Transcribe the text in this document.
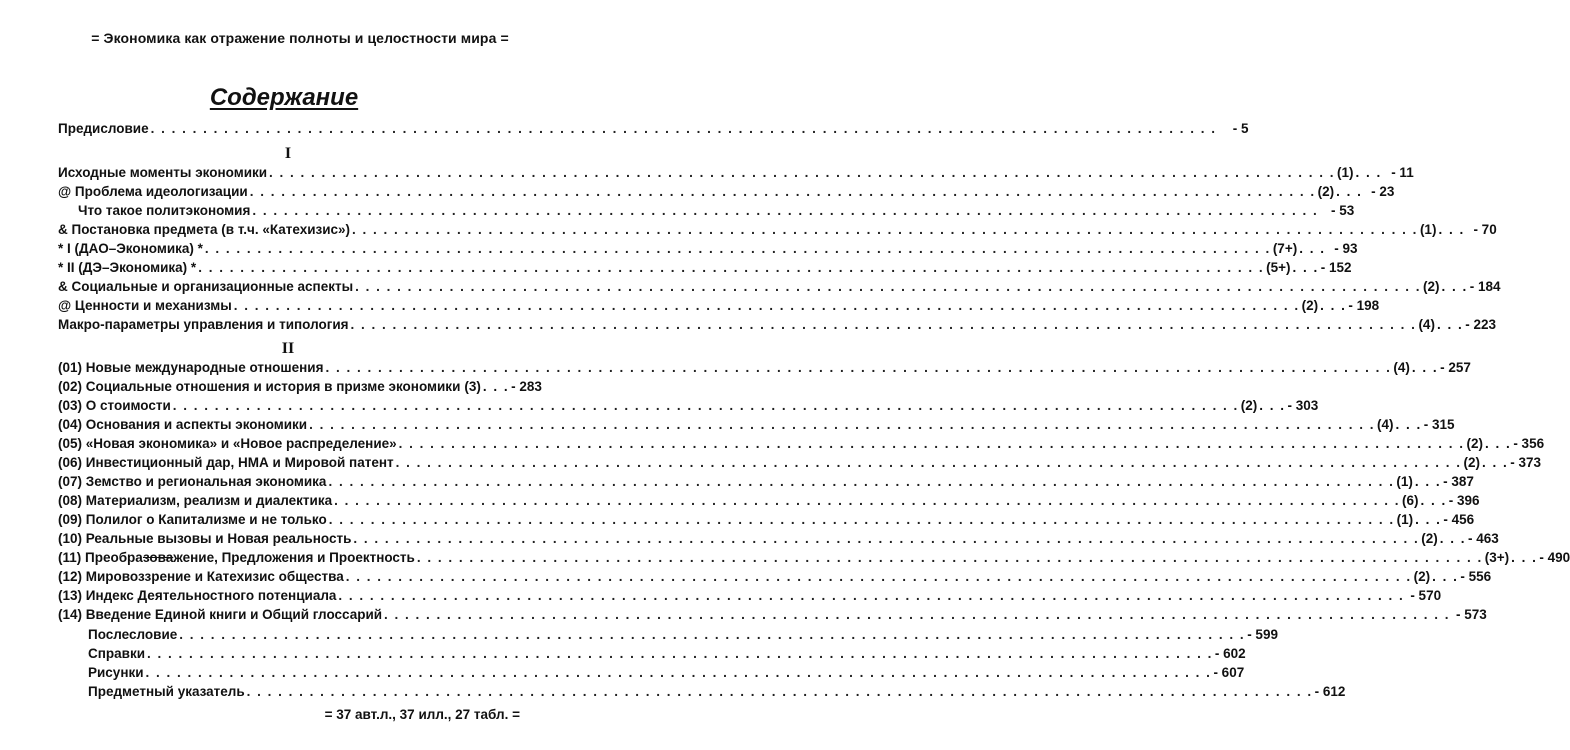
= Экономика как отражение полноты и целостности мира =
Содержание
Предисловие . . .	- 5
I
Исходные моменты экономики . . .	(1) . . . - 11
@ Проблема идеологизации . . .	(2) . . . - 23
Что такое политэкономия . . .	- 53
& Постановка предмета (в т.ч. «Катехизис») . . .	(1) . . . - 70
* I (ДАО–Экономика) * . . .	(7+) . . . - 93
* II (ДЭ–Экономика) * . . .	(5+) . . . - 152
& Социальные и организационные аспекты . . .	(2) . . . - 184
@ Ценности и механизмы . . .	(2) . . . - 198
Макро-параметры управления и типология . . .	(4) . . . - 223
II
(01) Новые международные отношения . . .	(4) . . . - 257
(02) Социальные отношения и история в призме экономики (3) . . . - 283
(03) О стоимости . . .	(2) . . . - 303
(04) Основания и аспекты экономики . . .	(4) . . . - 315
(05) «Новая экономика» и «Новое распределение» . . .	(2) . . . - 356
(06) Инвестиционный дар, НМА и Мировой патент . . .	(2) . . . - 373
(07) Земство и региональная экономика . . .	(1) . . . - 387
(08) Материализм, реализм и диалектика . . .	(6) . . . - 396
(09) Полилог о Капитализме и не только . . .	(1) . . . - 456
(10) Реальные вызовы и Новая реальность . . .	(2) . . . - 463
(11) Преобразоважение, Предложения и Проектность . . .	(3+) . . . - 490
(12) Мировоззрение и Катехизис общества . . .	(2) . . . - 556
(13) Индекс Деятельностного потенциала . . .	- 570
(14) Введение Единой книги и Общий глоссарий . . .	- 573
Послесловие . . .	- 599
Справки . . .	- 602
Рисунки . . .	- 607
Предметный указатель . . .	- 612
= 37 авт.л., 37 илл., 27 табл. =
